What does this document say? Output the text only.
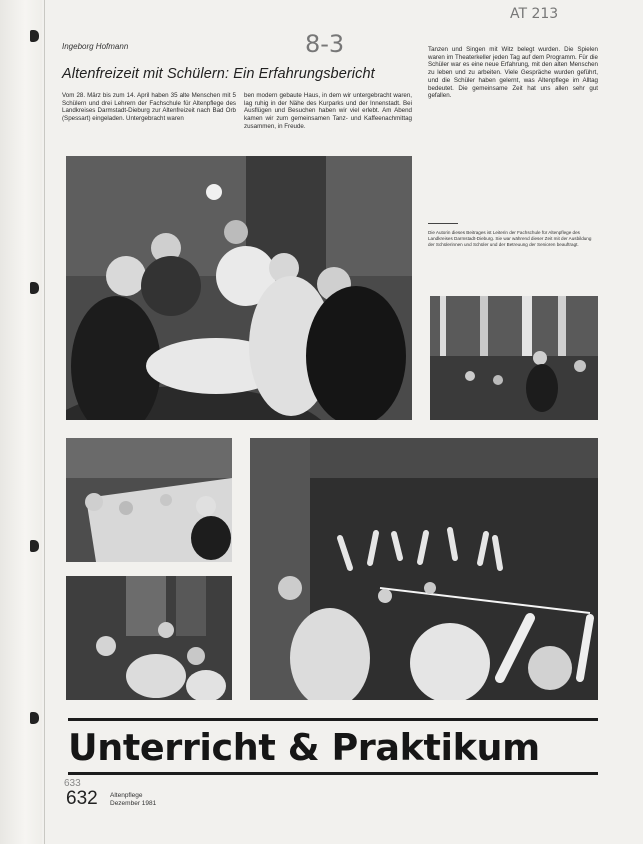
AT 213
8-3
Ingeborg Hofmann
Altenfreizeit mit Schülern: Ein Erfahrungsbericht
Vom 28. März bis zum 14. April haben 35 alte Menschen mit 5 Schülern und drei Lehrern der Fachschule für Altenpflege des Landkreises Darmstadt-Dieburg zur Altenfreizeit nach Bad Orb (Spessart) eingeladen. Untergebracht waren
ben modern gebaute Haus, in dem wir untergebracht waren, lag ruhig in der Nähe des Kurparks und der Innenstadt. Bei Ausflügen und Besuchen haben wir viel erlebt. Am Abend kamen wir zum gemeinsamen Tanz- und Kaffeenachmittag zusammen, in Freude.
Tanzen und Singen mit Witz belegt wurden. Die Spielen waren im Theaterkeller jeden Tag auf dem Programm. Für die Schüler war es eine neue Erfahrung, mit den alten Menschen zu leben und zu arbeiten. Viele Gespräche wurden geführt, und die Schüler haben gelernt, was Altenpflege im Alltag bedeutet. Die gemeinsame Zeit hat uns allen sehr gut gefallen.
Die Autorin dieses Beitrages ist Leiterin der Fachschule für Altenpflege des Landkreises Darmstadt-Dieburg. Sie war während dieser Zeit mit der Ausbildung der Schülerinnen und Schüler und der Betreuung der Senioren beauftragt.
Unterricht & Praktikum
633
632 Altenpflege
Dezember 1981
